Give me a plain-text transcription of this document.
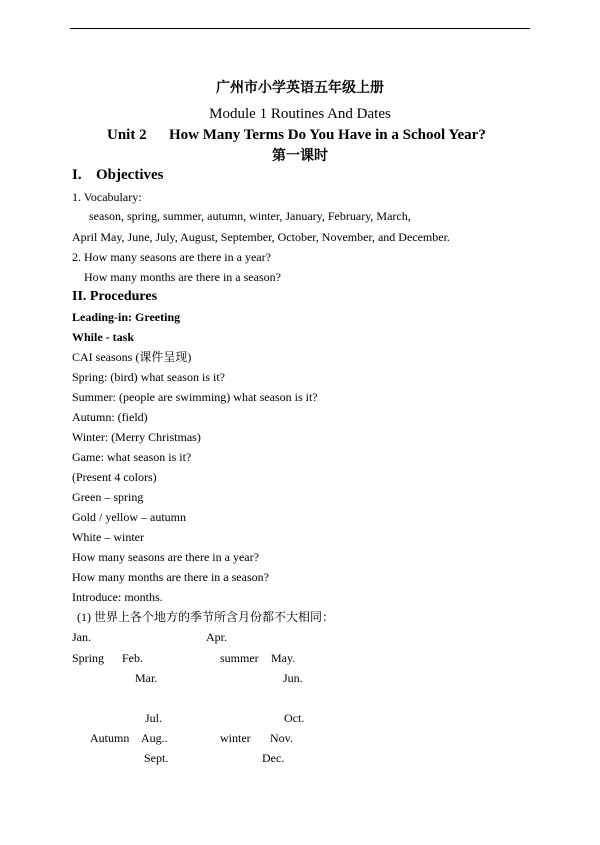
广州市小学英语五年级上册
Module 1 Routines And Dates
Unit 2 How Many Terms Do You Have in a School Year?
第一课时
I. Objectives
1. Vocabulary:
season, spring, summer, autumn, winter, January, February, March,
April May, June, July, August, September, October, November, and December.
2. How many seasons are there in a year?
How many months are there in a season?
II. Procedures
Leading-in: Greeting
While - task
CAI seasons (课件呈现)
Spring: (bird) what season is it?
Summer: (people are swimming) what season is it?
Autumn: (field)
Winter: (Merry Christmas)
Game: what season is it?
(Present 4 colors)
Green – spring
Gold / yellow – autumn
White – winter
How many seasons are there in a year?
How many months are there in a season?
Introduce: months.
(1) 世界上各个地方的季节所含月份都不大相同：
Jan.	Apr.
Spring Feb.	summer May.
Mar.	Jun.
Jul.	Oct.
Autumn Aug..	winter Nov.
Sept.	Dec.
